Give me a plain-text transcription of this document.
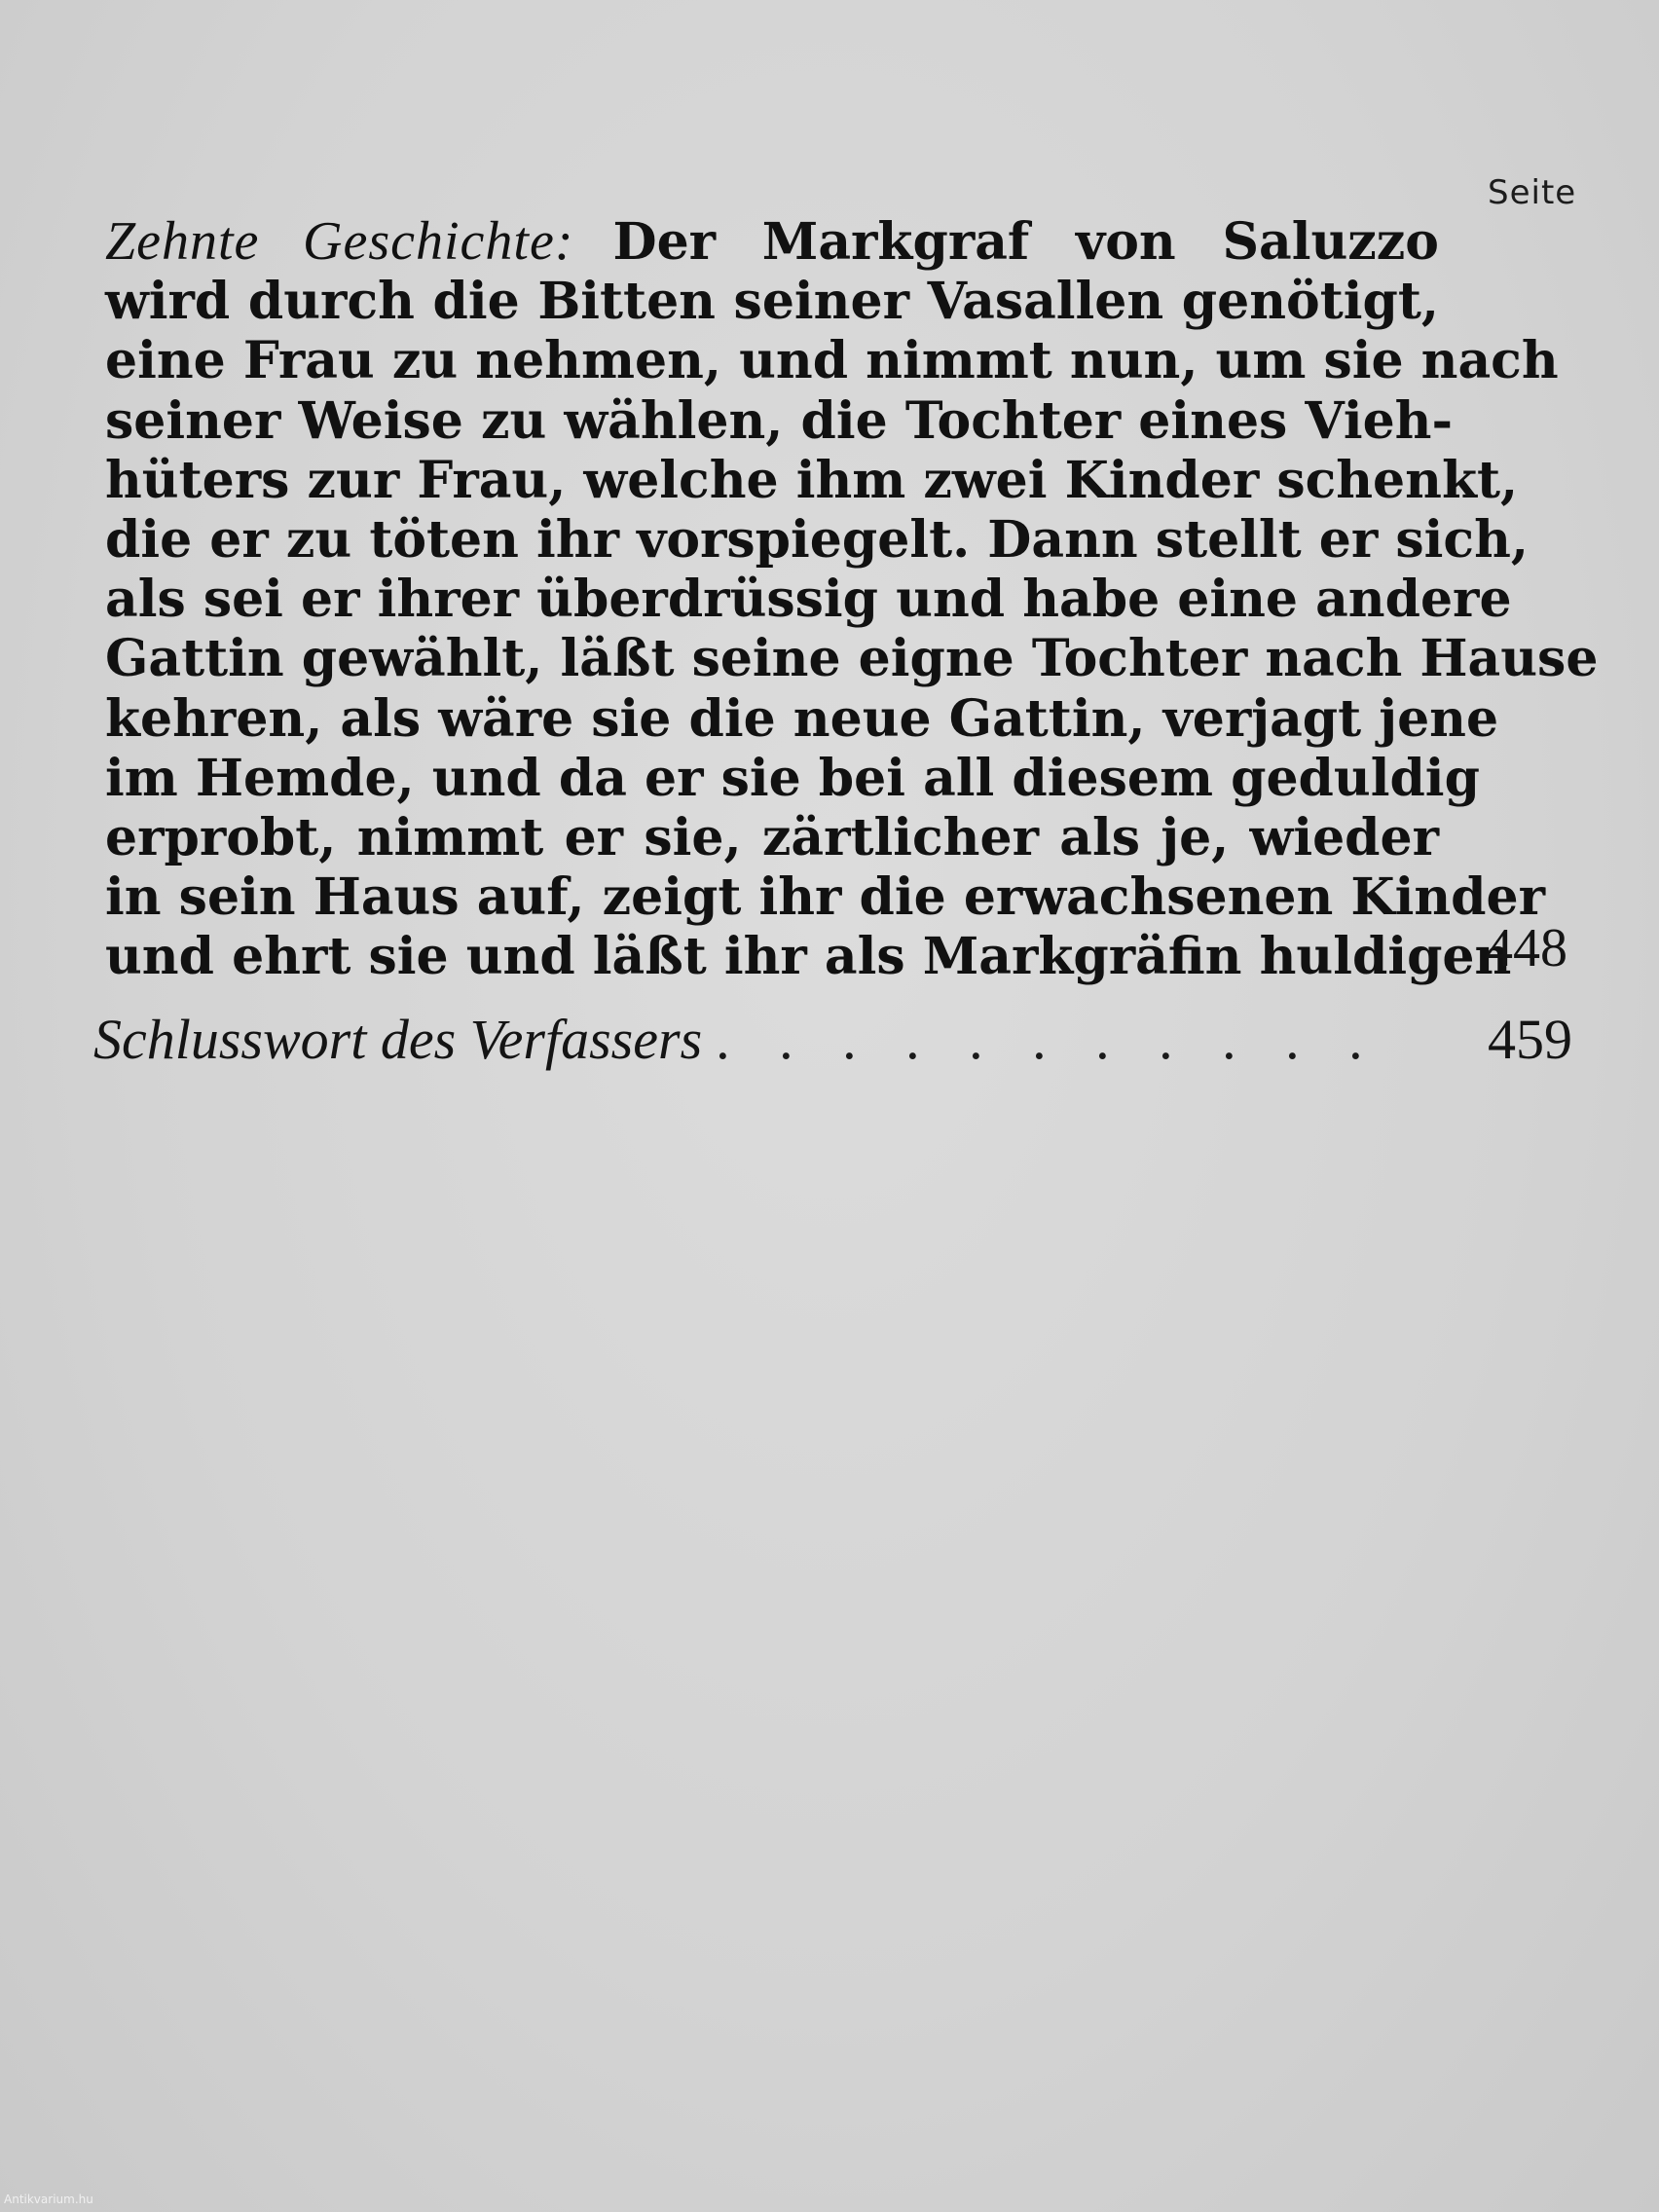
Seite
Zehnte Geschichte: Der Markgraf von Saluzzo
wird durch die Bitten seiner Vasallen genötigt,
eine Frau zu nehmen, und nimmt nun, um sie nach
seiner Weise zu wählen, die Tochter eines Vieh-
hüters zur Frau, welche ihm zwei Kinder schenkt,
die er zu töten ihr vorspiegelt. Dann stellt er sich,
als sei er ihrer überdrüssig und habe eine andere
Gattin gewählt, läßt seine eigne Tochter nach Hause
kehren, als wäre sie die neue Gattin, verjagt jene
im Hemde, und da er sie bei all diesem geduldig
erprobt, nimmt er sie, zärtlicher als je, wieder
in sein Haus auf, zeigt ihr die erwachsenen Kinder
und ehrt sie und läßt ihr als Markgräfin huldigen
448
Schlusswort des Verfassers . . . . . . . . . . .	459
Antikvarium.hu
